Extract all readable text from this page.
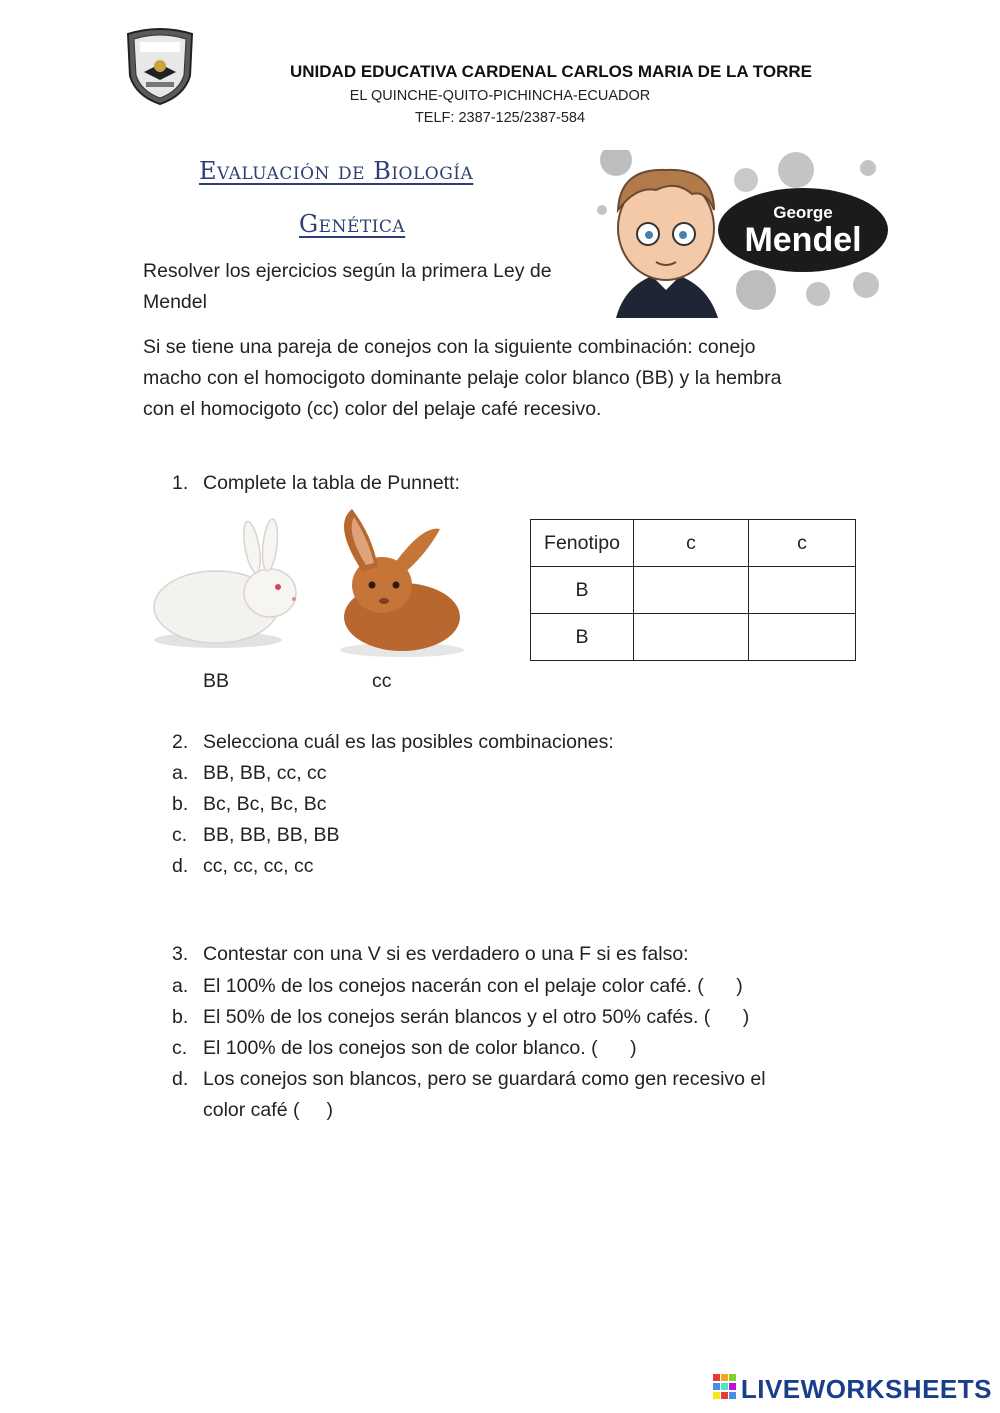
UNIDAD EDUCATIVA CARDENAL CARLOS MARIA DE LA TORRE
EL QUINCHE-QUITO-PICHINCHA-ECUADOR
TELF: 2387-125/2387-584
Evaluación de Biología
Genética	George
Mendel
Resolver los ejercicios según la primera Ley de
Mendel
Si se tiene una pareja de conejos con la siguiente combinación: conejo
macho con el homocigoto dominante pelaje color blanco (BB) y la hembra
con el homocigoto (cc) color del pelaje café recesivo.
1. Complete la tabla de Punnett:
BB	cc
Fenotipo	c	c
B		
B		
2. Selecciona cuál es las posibles combinaciones:
a. BB, BB, cc, cc
b. Bc, Bc, Bc, Bc
c. BB, BB, BB, BB
d. cc, cc, cc, cc
3. Contestar con una V si es verdadero o una F si es falso:
a. El 100% de los conejos nacerán con el pelaje color café. (      )
b. El 50% de los conejos serán blancos y el otro 50% cafés. (      )
c. El 100% de los conejos son de color blanco. (      )
d. Los conejos son blancos, pero se guardará como gen recesivo el
color café (     )
LIVEWORKSHEETS
